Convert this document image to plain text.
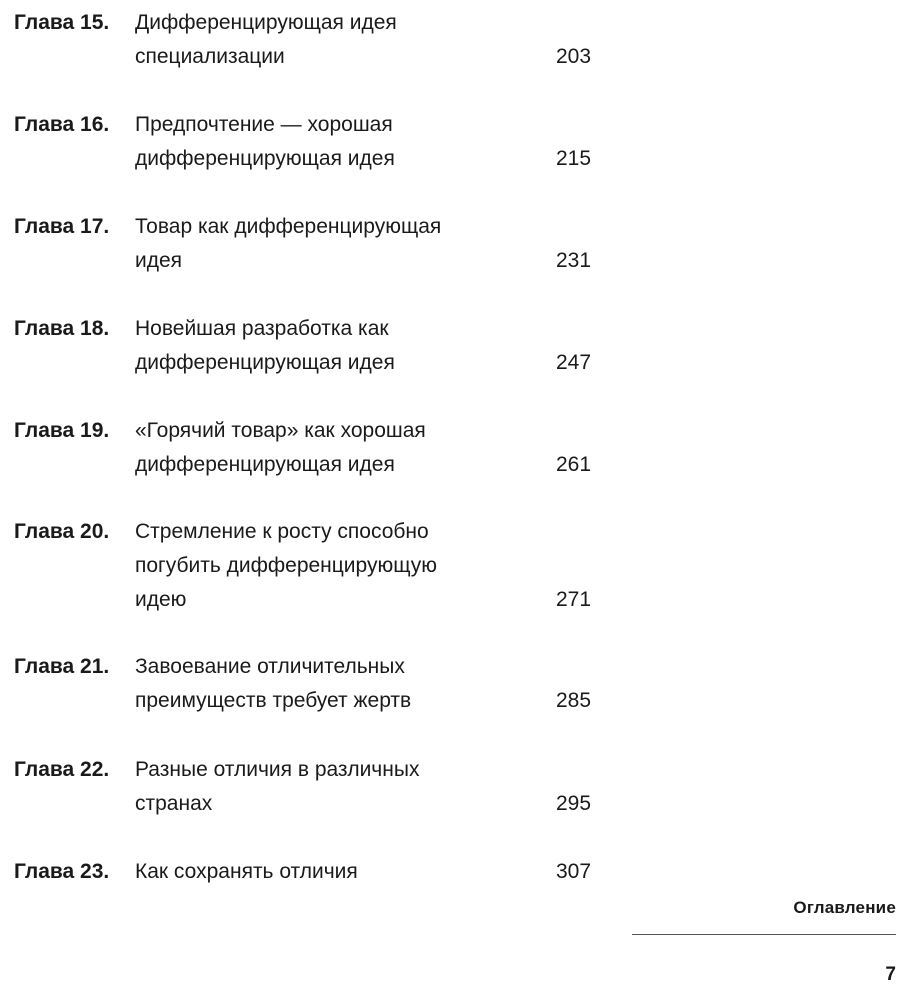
Глава 15. Дифференцирующая идея
специализации	203
Глава 16. Предпочтение — хорошая
дифференцирующая идея	215
Глава 17. Товар как дифференцирующая
идея	231
Глава 18. Новейшая разработка как
дифференцирующая идея	247
Глава 19. «Горячий товар» как хорошая
дифференцирующая идея	261
Глава 20. Стремление к росту способно
погубить дифференцирующую
идею	271
Глава 21. Завоевание отличительных
преимуществ требует жертв	285
Глава 22. Разные отличия в различных
странах	295
Глава 23. Как сохранять отличия	307
Оглавление
7
